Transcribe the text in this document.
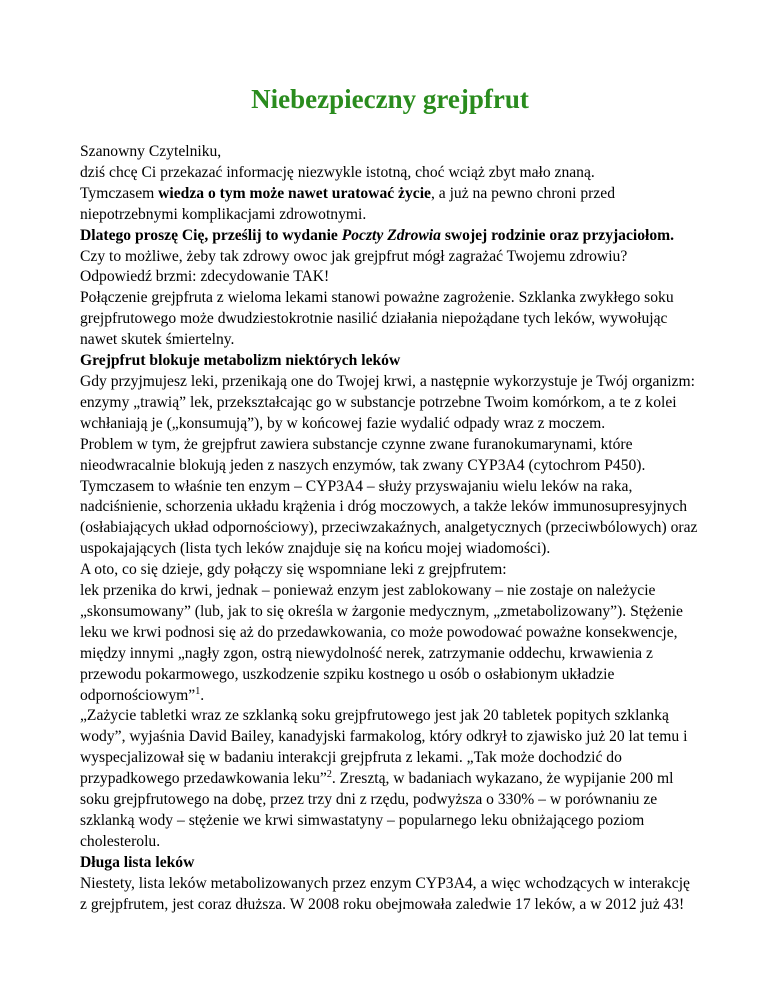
Niebezpieczny grejpfrut

Szanowny Czytelniku,

dziś chcę Ci przekazać informację niezwykle istotną, choć wciąż zbyt mało znaną.

Tymczasem wiedza o tym może nawet uratować życie, a już na pewno chroni przed niepotrzebnymi komplikacjami zdrowotnymi.

Dlatego proszę Cię, prześlij to wydanie Poczty Zdrowia swojej rodzinie oraz przyjaciołom.

Czy to możliwe, żeby tak zdrowy owoc jak grejpfrut mógł zagrażać Twojemu zdrowiu?

Odpowiedź brzmi: zdecydowanie TAK!

Połączenie grejpfruta z wieloma lekami stanowi poważne zagrożenie. Szklanka zwykłego soku grejpfrutowego może dwudziestokrotnie nasilić działania niepożądane tych leków, wywołując nawet skutek śmiertelny.

Grejpfrut blokuje metabolizm niektórych leków

Gdy przyjmujesz leki, przenikają one do Twojej krwi, a następnie wykorzystuje je Twój organizm: enzymy „trawią” lek, przekształcając go w substancje potrzebne Twoim komórkom, a te z kolei wchłaniają je („konsumują”), by w końcowej fazie wydalić odpady wraz z moczem.

Problem w tym, że grejpfrut zawiera substancje czynne zwane furanokumarynami, które nieodwracalnie blokują jeden z naszych enzymów, tak zwany CYP3A4 (cytochrom P450). Tymczasem to właśnie ten enzym – CYP3A4 – służy przyswajaniu wielu leków na raka, nadciśnienie, schorzenia układu krążenia i dróg moczowych, a także leków immunosupresyjnych (osłabiających układ odpornościowy), przeciwzakaźnych, analgetycznych (przeciwbólowych) oraz uspokajających (lista tych leków znajduje się na końcu mojej wiadomości).

A oto, co się dzieje, gdy połączy się wspomniane leki z grejpfrutem:

lek przenika do krwi, jednak – ponieważ enzym jest zablokowany – nie zostaje on należycie „skonsumowany” (lub, jak to się określa w żargonie medycznym, „zmetabolizowany”). Stężenie leku we krwi podnosi się aż do przedawkowania, co może powodować poważne konsekwencje, między innymi „nagły zgon, ostrą niewydolność nerek, zatrzymanie oddechu, krwawienia z przewodu pokarmowego, uszkodzenie szpiku kostnego u osób o osłabionym układzie odpornościowym”$^1$.

„Zażycie tabletki wraz ze szklanką soku grejpfrutowego jest jak 20 tabletek popitych szklanką wody”, wyjaśnia David Bailey, kanadyjski farmakolog, który odkrył to zjawisko już 20 lat temu i wyspecjalizował się w badaniu interakcji grejpfruta z lekami. „Tak może dochodzić do przypadkowego przedawkowania leku”$^2$. Zresztą, w badaniach wykazano, że wypijanie 200 ml soku grejpfrutowego na dobę, przez trzy dni z rzędu, podwyższa o 330% – w porównaniu ze szklanką wody – stężenie we krwi simwastatyny – popularnego leku obniżającego poziom cholesterolu.

Długa lista leków

Niestety, lista leków metabolizowanych przez enzym CYP3A4, a więc wchodzących w interakcję z grejpfrutem, jest coraz dłuższa. W 2008 roku obejmowała zaledwie 17 leków, a w 2012 już 43!
